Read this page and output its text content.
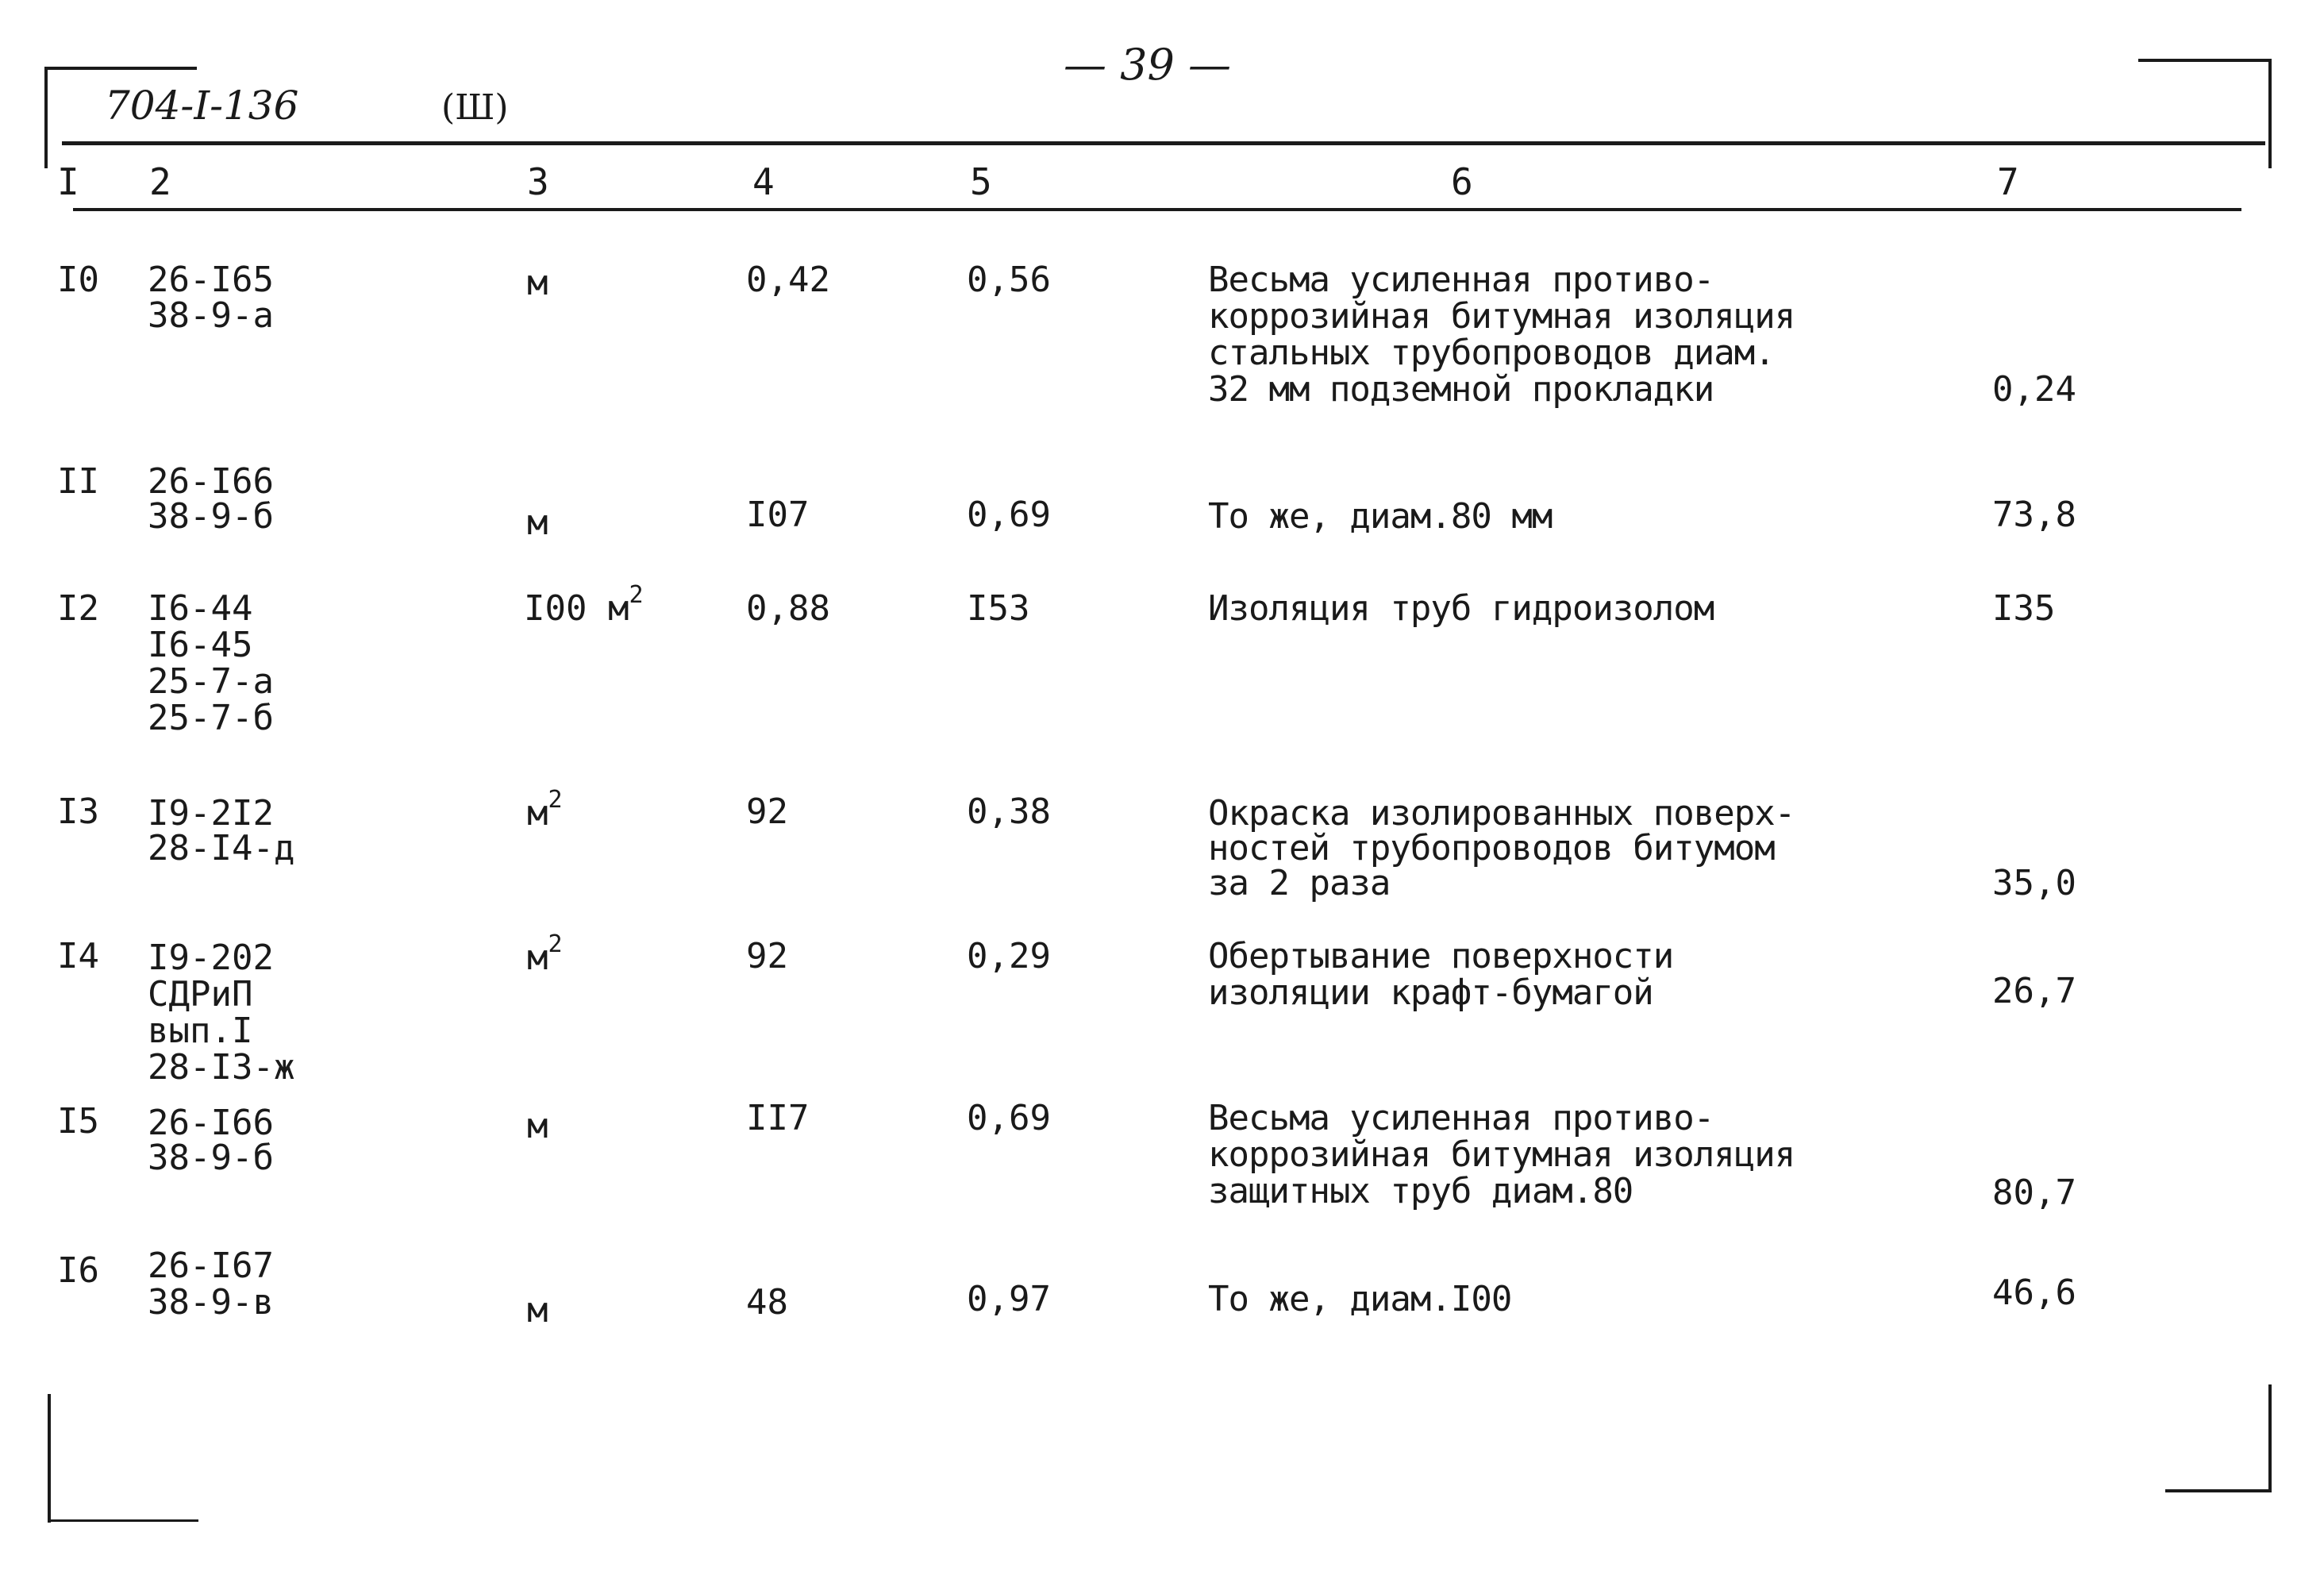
704-I-136	(Ш)
— 39 —
I 2	3	4	5	6	7
I0 26-I65
38-9-а
м	0,42	0,56	Весьма усиленная противо-
коррозийная битумная изоляция
стальных трубопроводов диам.
32 мм подземной прокладки	0,24
II 26-I66
38-9-б	м	I07	0,69	То же, диам.80 мм	73,8
I2 I6-44
I6-45
25-7-а
25-7-б
I00 $м^2$	0,88	I53	Изоляция труб гидроизолом	I35
I3 I9-2I2
28-I4-д
$м^2$	92	0,38	Окраска изолированных поверх-
ностей трубопроводов битумом
за 2 раза	35,0
I4 I9-202
СДРиП
вып.I
28-I3-ж
$м^2$	92	0,29	Обертывание поверхности
изоляции крафт-бумагой	26,7
I5 26-I66
38-9-б
м	II7	0,69	Весьма усиленная противо-
коррозийная битумная изоляция
защитных труб диам.80	80,7
I6 26-I67
38-9-в	м	48	0,97	То же, диам.I00	46,6
